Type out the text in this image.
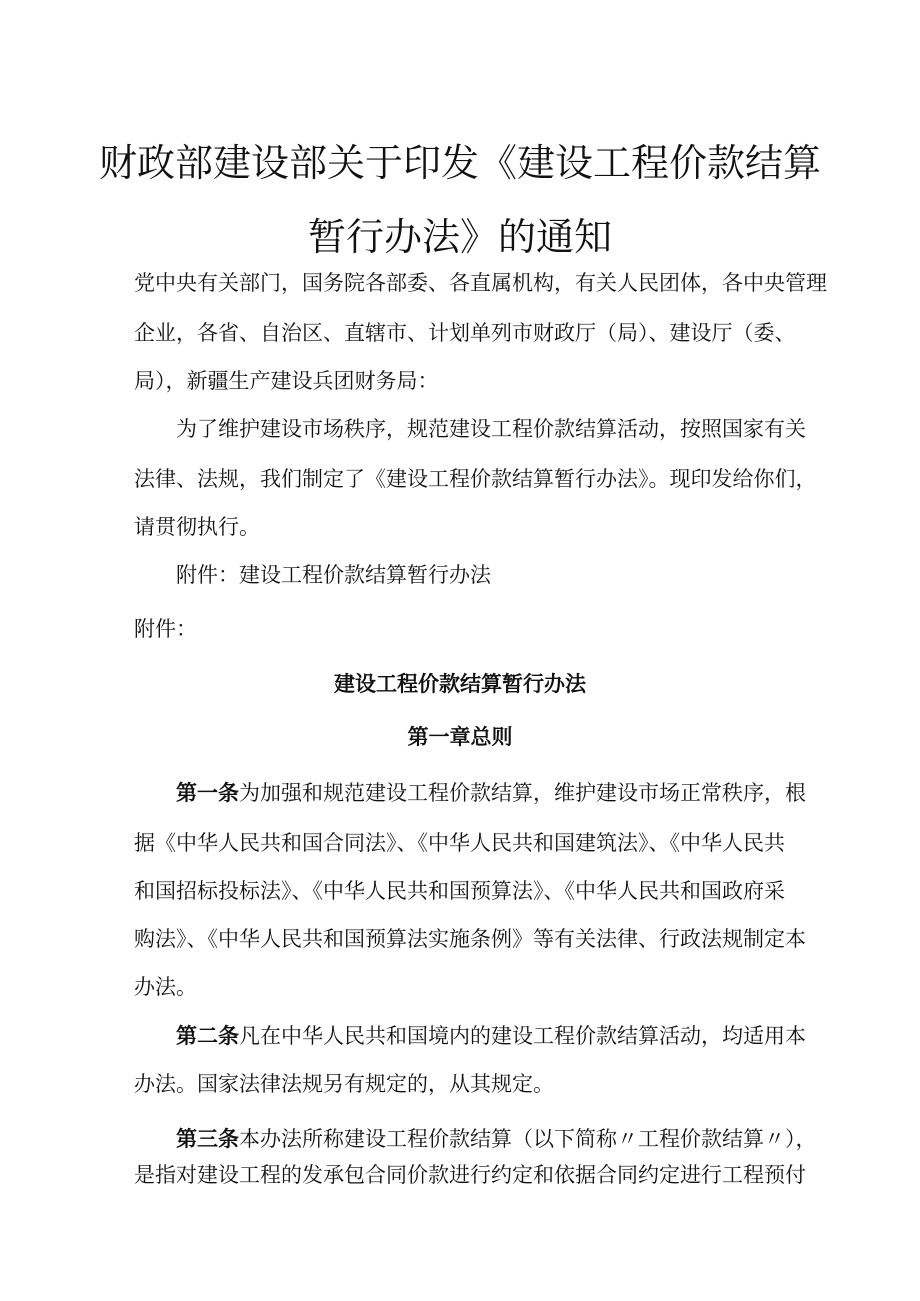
财政部建设部关于印发《建设工程价款结算
暂行办法》的通知
党中央有关部门，国务院各部委、各直属机构，有关人民团体，各中央管理
企业，各省、自治区、直辖市、计划单列市财政厅（局）、建设厅（委、
局），新疆生产建设兵团财务局：
为了维护建设市场秩序，规范建设工程价款结算活动，按照国家有关
法律、法规，我们制定了《建设工程价款结算暂行办法》。现印发给你们，
请贯彻执行。
附件：建设工程价款结算暂行办法
附件：
建设工程价款结算暂行办法
第一章总则
第一条为加强和规范建设工程价款结算，维护建设市场正常秩序，根
据《中华人民共和国合同法》、《中华人民共和国建筑法》、《中华人民共
和国招标投标法》、《中华人民共和国预算法》、《中华人民共和国政府采
购法》、《中华人民共和国预算法实施条例》等有关法律、行政法规制定本
办法。
第二条凡在中华人民共和国境内的建设工程价款结算活动，均适用本
办法。国家法律法规另有规定的，从其规定。
第三条本办法所称建设工程价款结算（以下简称〃工程价款结算〃），
是指对建设工程的发承包合同价款进行约定和依据合同约定进行工程预付
